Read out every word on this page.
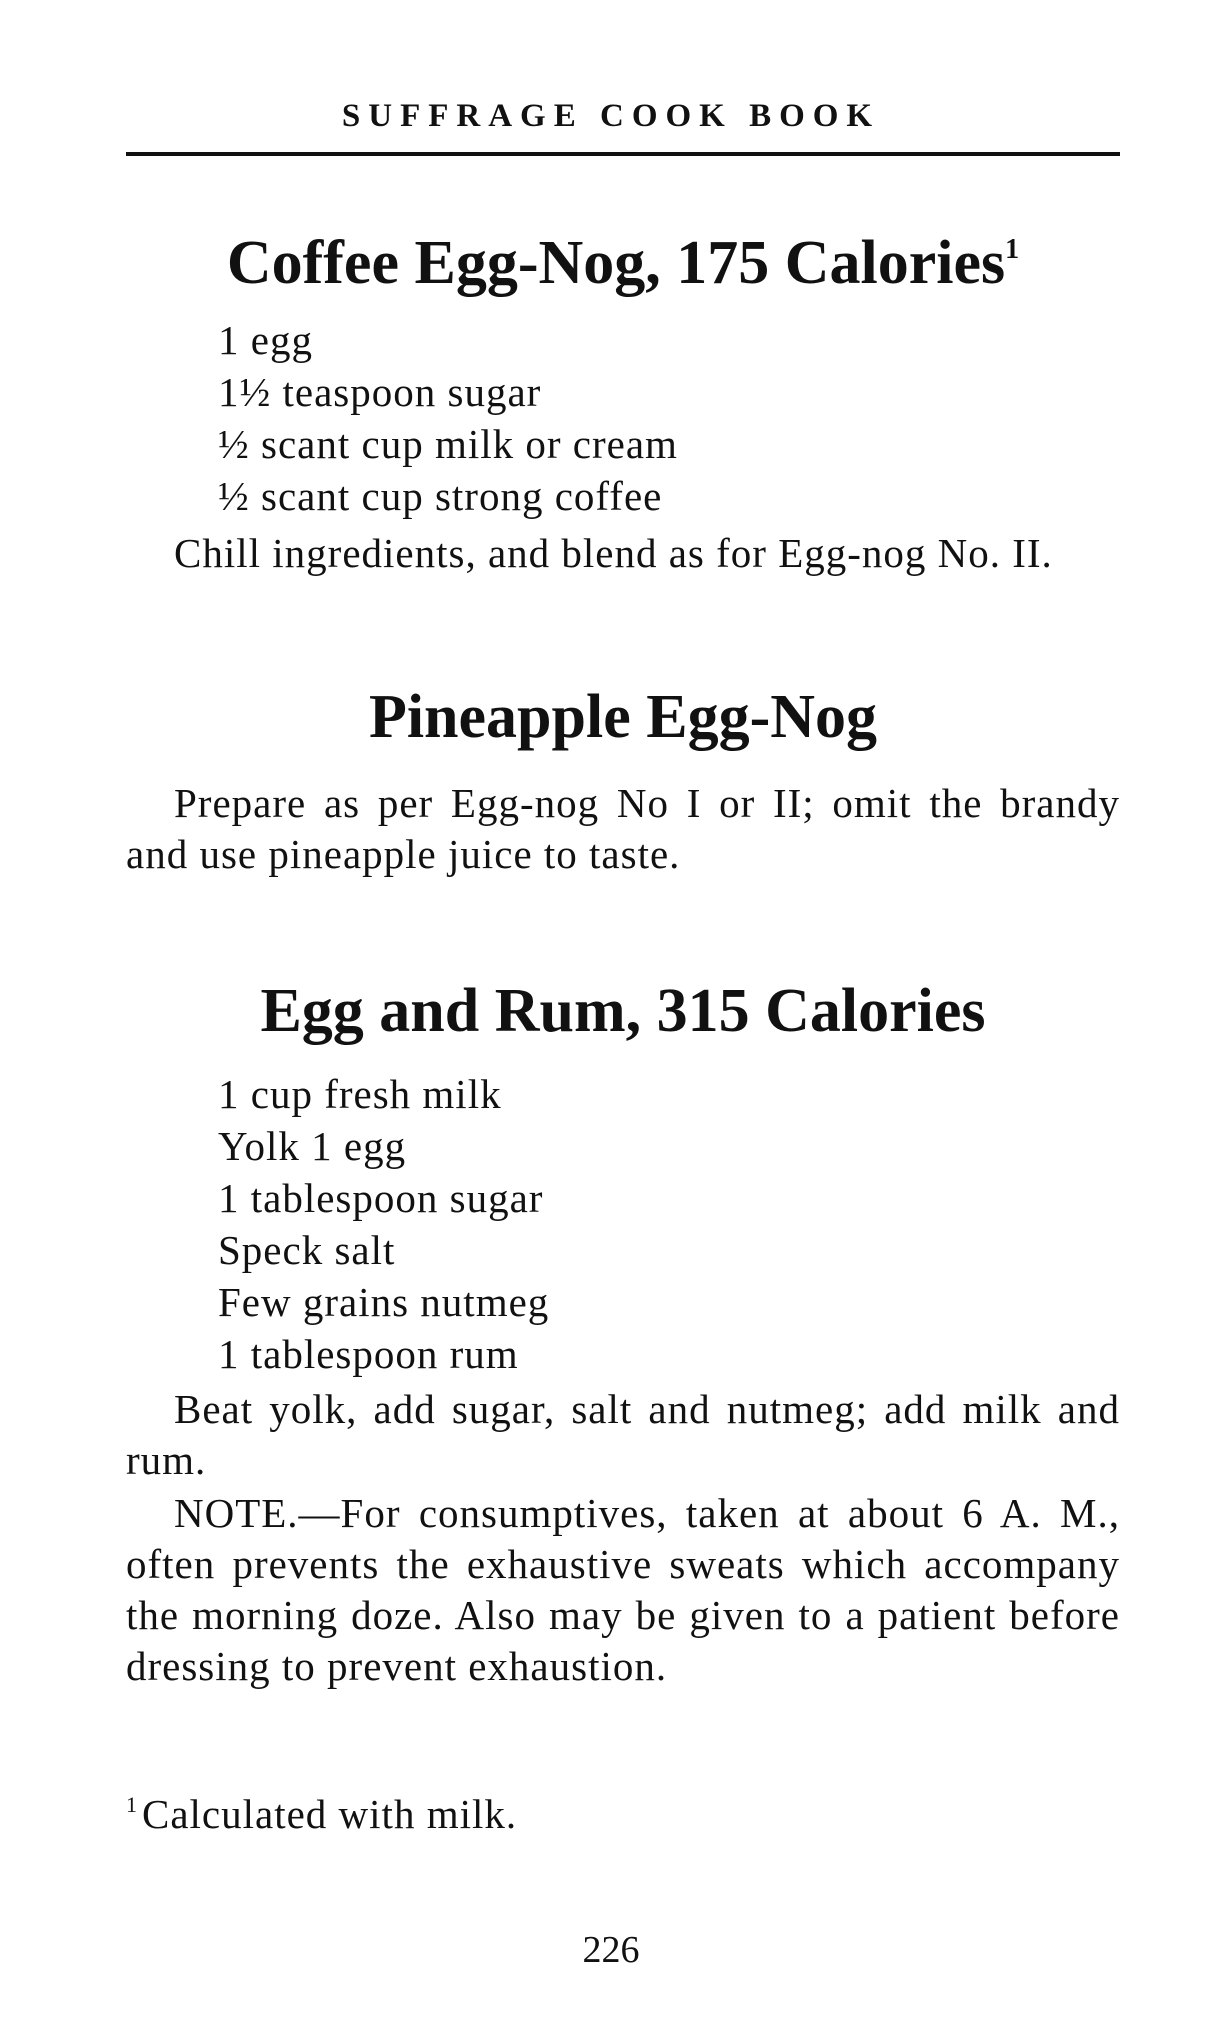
SUFFRAGE COOK BOOK
Coffee Egg-Nog, 175 Calories$^1$
1 egg
1½ teaspoon sugar
½ scant cup milk or cream
½ scant cup strong coffee
Chill ingredients, and blend as for Egg-nog No. II.
Pineapple Egg-Nog
Prepare as per Egg-nog No I or II; omit the brandy and use pineapple juice to taste.
Egg and Rum, 315 Calories
1 cup fresh milk
Yolk 1 egg
1 tablespoon sugar
Speck salt
Few grains nutmeg
1 tablespoon rum
Beat yolk, add sugar, salt and nutmeg; add milk and rum.
NOTE.—For consumptives, taken at about 6 A. M., often prevents the exhaustive sweats which accompany the morning doze. Also may be given to a patient before dressing to prevent exhaustion.
$^1$Calculated with milk.
226
